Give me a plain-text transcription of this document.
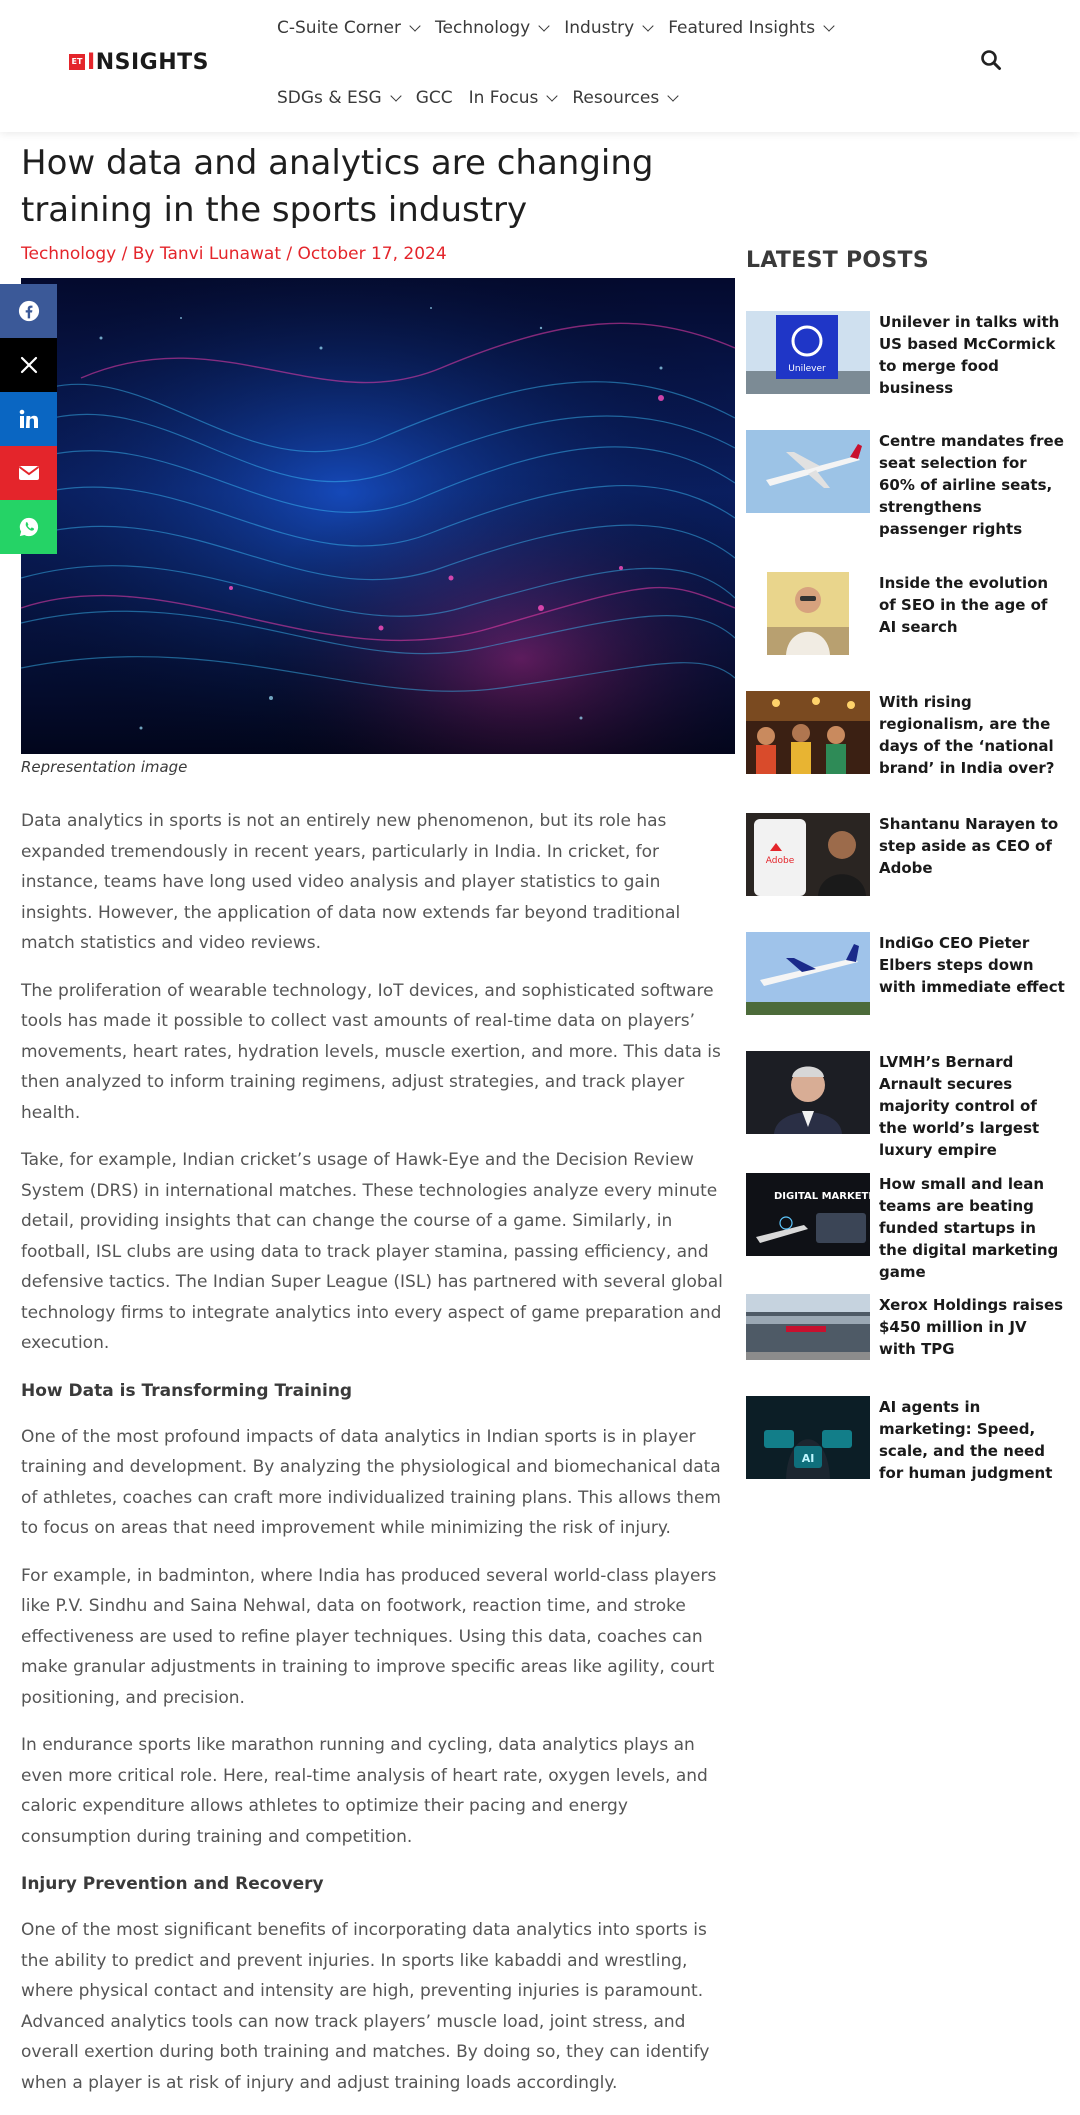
ET INSIGHTS
C-Suite Corner Technology Industry Featured Insights
SDGs & ESG GCC In Focus Resources
How data and analytics are changing training in the sports industry
Technology / By Tanvi Lunawat / October 17, 2024
Representation image

Data analytics in sports is not an entirely new phenomenon, but its role has expanded tremendously in recent years, particularly in India. In cricket, for instance, teams have long used video analysis and player statistics to gain insights. However, the application of data now extends far beyond traditional match statistics and video reviews.

The proliferation of wearable technology, IoT devices, and sophisticated software tools has made it possible to collect vast amounts of real-time data on players’ movements, heart rates, hydration levels, muscle exertion, and more. This data is then analyzed to inform training regimens, adjust strategies, and track player health.

Take, for example, Indian cricket’s usage of Hawk-Eye and the Decision Review System (DRS) in international matches. These technologies analyze every minute detail, providing insights that can change the course of a game. Similarly, in football, ISL clubs are using data to track player stamina, passing efficiency, and defensive tactics. The Indian Super League (ISL) has partnered with several global technology firms to integrate analytics into every aspect of game preparation and execution.

How Data is Transforming Training

One of the most profound impacts of data analytics in Indian sports is in player training and development. By analyzing the physiological and biomechanical data of athletes, coaches can craft more individualized training plans. This allows them to focus on areas that need improvement while minimizing the risk of injury.

For example, in badminton, where India has produced several world-class players like P.V. Sindhu and Saina Nehwal, data on footwork, reaction time, and stroke effectiveness are used to refine player techniques. Using this data, coaches can make granular adjustments in training to improve specific areas like agility, court positioning, and precision.

In endurance sports like marathon running and cycling, data analytics plays an even more critical role. Here, real-time analysis of heart rate, oxygen levels, and caloric expenditure allows athletes to optimize their pacing and energy consumption during training and competition.

Injury Prevention and Recovery

One of the most significant benefits of incorporating data analytics into sports is the ability to predict and prevent injuries. In sports like kabaddi and wrestling, where physical contact and intensity are high, preventing injuries is paramount. Advanced analytics tools can now track players’ muscle load, joint stress, and overall exertion during both training and matches. By doing so, they can identify when a player is at risk of injury and adjust training loads accordingly.

LATEST POSTS
Unilever
Unilever in talks with US based McCormick to merge food business
Centre mandates free seat selection for 60% of airline seats, strengthens passenger rights
Inside the evolution of SEO in the age of AI search
With rising regionalism, are the days of the ‘national brand’ in India over?
Adobe
Shantanu Narayen to step aside as CEO of Adobe
IndiGo CEO Pieter Elbers steps down with immediate effect
LVMH’s Bernard Arnault secures majority control of the world’s largest luxury empire
DIGITAL MARKETING
How small and lean teams are beating funded startups in the digital marketing game
Xerox Holdings raises $450 million in JV with TPG
AI
AI agents in marketing: Speed, scale, and the need for human judgment
